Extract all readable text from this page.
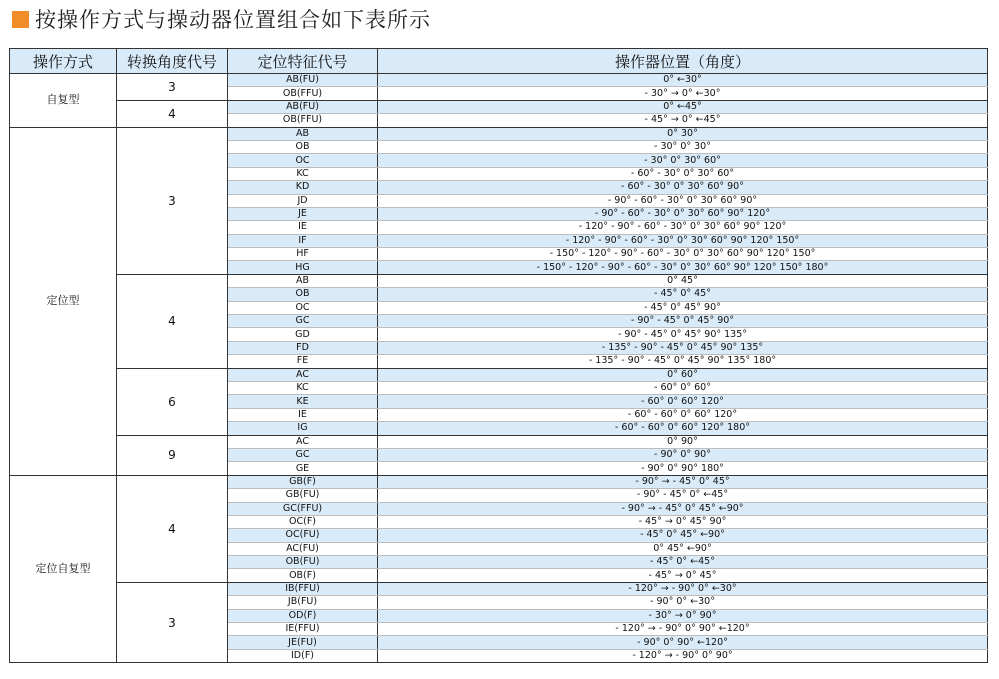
按操作方式与操动器位置组合如下表所示
操作方式	转换角度代号	定位特征代号	操作器位置（角度）
自复型	3	AB(FU)	0° ←30°
		OB(FFU)	- 30° → 0° ←30°
	4	AB(FU)	0° ←45°
		OB(FFU)	- 45° → 0° ←45°
定位型	3	AB	0° 30°
		OB	- 30° 0° 30°
		OC	- 30° 0° 30° 60°
		KC	- 60° - 30° 0° 30° 60°
		KD	- 60° - 30° 0° 30° 60° 90°
		JD	- 90° - 60° - 30° 0° 30° 60° 90°
		JE	- 90° - 60° - 30° 0° 30° 60° 90° 120°
		IE	- 120° - 90° - 60° - 30° 0° 30° 60° 90° 120°
		IF	- 120° - 90° - 60° - 30° 0° 30° 60° 90° 120° 150°
		HF	- 150° - 120° - 90° - 60° - 30° 0° 30° 60° 90° 120° 150°
		HG	- 150° - 120° - 90° - 60° - 30° 0° 30° 60° 90° 120° 150° 180°
	4	AB	0° 45°
		OB	- 45° 0° 45°
		OC	- 45° 0° 45° 90°
		GC	- 90° - 45° 0° 45° 90°
		GD	- 90° - 45° 0° 45° 90° 135°
		FD	- 135° - 90° - 45° 0° 45° 90° 135°
		FE	- 135° - 90° - 45° 0° 45° 90° 135° 180°
	6	AC	0° 60°
		KC	- 60° 0° 60°
		KE	- 60° 0° 60° 120°
		IE	- 60° - 60° 0° 60° 120°
		IG	- 60° - 60° 0° 60° 120° 180°
	9	AC	0° 90°
		GC	- 90° 0° 90°
		GE	- 90° 0° 90° 180°
定位自复型	4	GB(F)	- 90° → - 45° 0° 45°
		GB(FU)	- 90° - 45° 0° ←45°
		GC(FFU)	- 90° → - 45° 0° 45° ←90°
		OC(F)	- 45° → 0° 45° 90°
		OC(FU)	- 45° 0° 45° ←90°
		AC(FU)	0° 45° ←90°
		OB(FU)	- 45° 0° ←45°
		OB(F)	- 45° → 0° 45°
	3	IB(FFU)	- 120° → - 90° 0° ←30°
		JB(FU)	- 90° 0° ←30°
		OD(F)	- 30° → 0° 90°
		IE(FFU)	- 120° → - 90° 0° 90° ←120°
		JE(FU)	- 90° 0° 90° ←120°
		ID(F)	- 120° → - 90° 0° 90°
